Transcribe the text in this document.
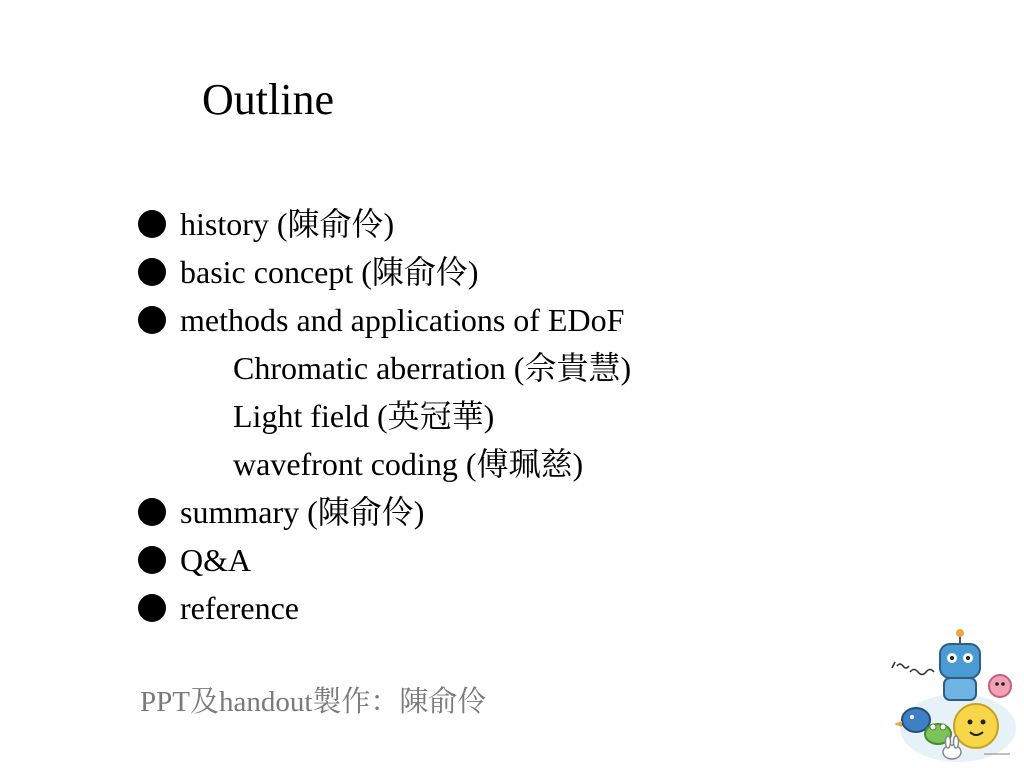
Outline
history (陳俞伶)
basic concept (陳俞伶)
methods and applications of EDoF
Chromatic aberration (佘貴慧)
Light field (英冠華)
wavefront coding (傅珮慈)
summary (陳俞伶)
Q&A
reference
PPT及handout製作：陳俞伶
